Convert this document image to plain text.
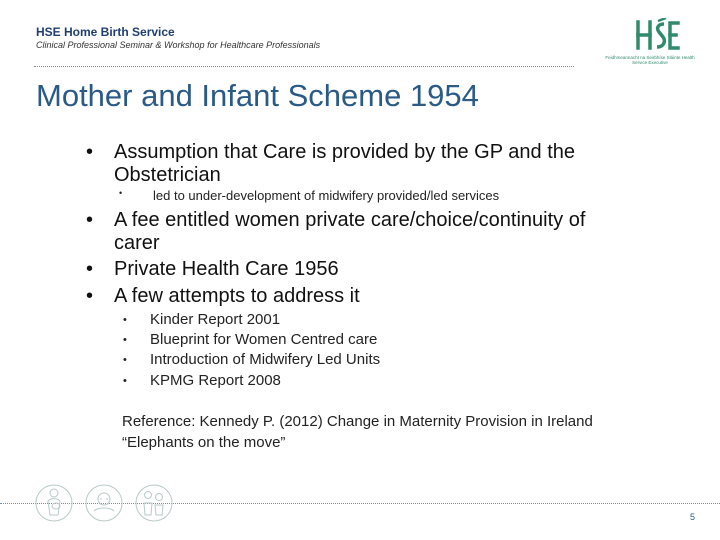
HSE Home Birth Service
Clinical Professional Seminar & Workshop for Healthcare Professionals
Feidhmeannacht na Seirbhíse Sláinte Health Service Executive
Mother and Infant Scheme 1954
• Assumption that Care is provided by the GP and the
Obstetrician
• led to under-development of midwifery provided/led services
• A fee entitled women private care/choice/continuity of
carer
• Private Health Care 1956
• A few attempts to address it
• Kinder Report 2001
• Blueprint for Women Centred care
• Introduction of Midwifery Led Units
• KPMG Report 2008
Reference: Kennedy P. (2012) Change in Maternity Provision in Ireland
“Elephants on the move”
5
